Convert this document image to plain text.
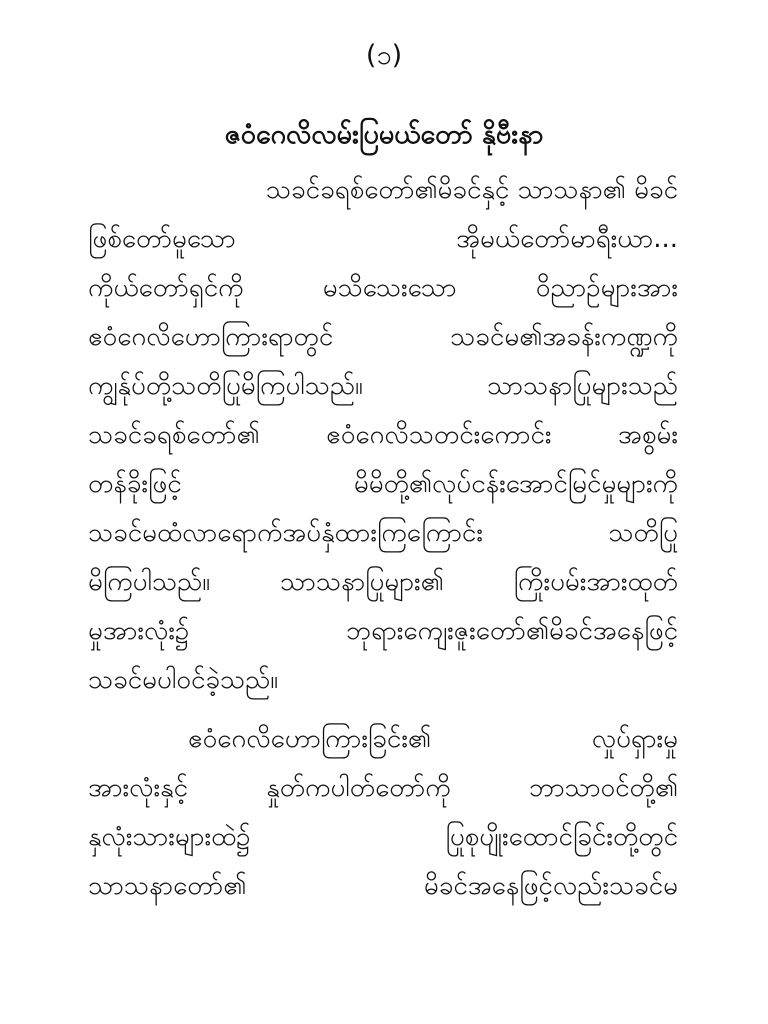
(၁)
ဇဝံဂေလိလမ်းပြမယ်တော် နိုဗီးနာ
သခင်ခရစ်တော်၏မိခင်နှင့် သာသနာ၏ မိခင်
ဖြစ်တော်မူသော	အိုမယ်တော်မာရီးယာ...
ကိုယ်တော်ရှင်ကို	မသိသေးသော	ဝိညာဉ်များအား
ဧဝံဂေလိဟောကြားရာတွင်	သခင်မ၏အခန်းကဏ္ဍကို
ကျွန်ုပ်တို့သတိပြုမိကြပါသည်။	သာသနာပြုများသည်
သခင်ခရစ်တော်၏	ဧဝံဂေလိသတင်းကောင်း	အစွမ်း
တန်ခိုးဖြင့်	မိမိတို့၏လုပ်ငန်းအောင်မြင်မှုများကို
သခင်မထံလာရောက်အပ်နှံထားကြကြောင်း	သတိပြု
မိကြပါသည်။	သာသနာပြုများ၏	ကြိုးပမ်းအားထုတ်
မှုအားလုံး၌	ဘုရားကျေးဇူးတော်၏မိခင်အနေဖြင့်
သခင်မပါဝင်ခဲ့သည်။
ဧဝံဂေလိဟောကြားခြင်း၏	လှုပ်ရှားမှု
အားလုံးနှင့်	နှုတ်ကပါတ်တော်ကို	ဘာသာဝင်တို့၏
နှလုံးသားများထဲ၌	ပြုစုပျိုးထောင်ခြင်းတို့တွင်
သာသနာတော်၏	မိခင်အနေဖြင့်လည်းသခင်မ
